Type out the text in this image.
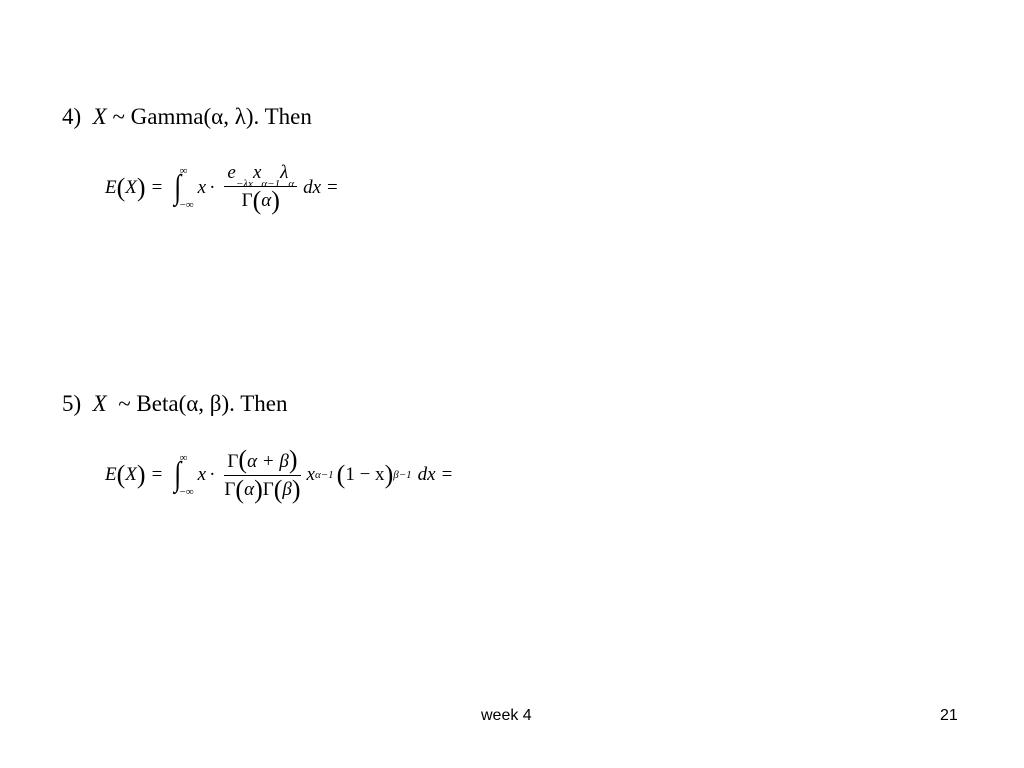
4) X ~ Gamma(α, λ). Then
E ( X ) = ∫
∞
−∞
x · e
−λx
x
α−1
λ
α
Γ ( α ) dx =
5) X ~ Beta(α, β). Then
E ( X ) = ∫
∞
−∞
$x \cdot \frac{\Gamma ( \alpha + \beta )}{\Gamma ( \alpha ) \Gamma ( \beta )}$ x α−1 ( 1 − x ) β−1 dx =
week 4	21
